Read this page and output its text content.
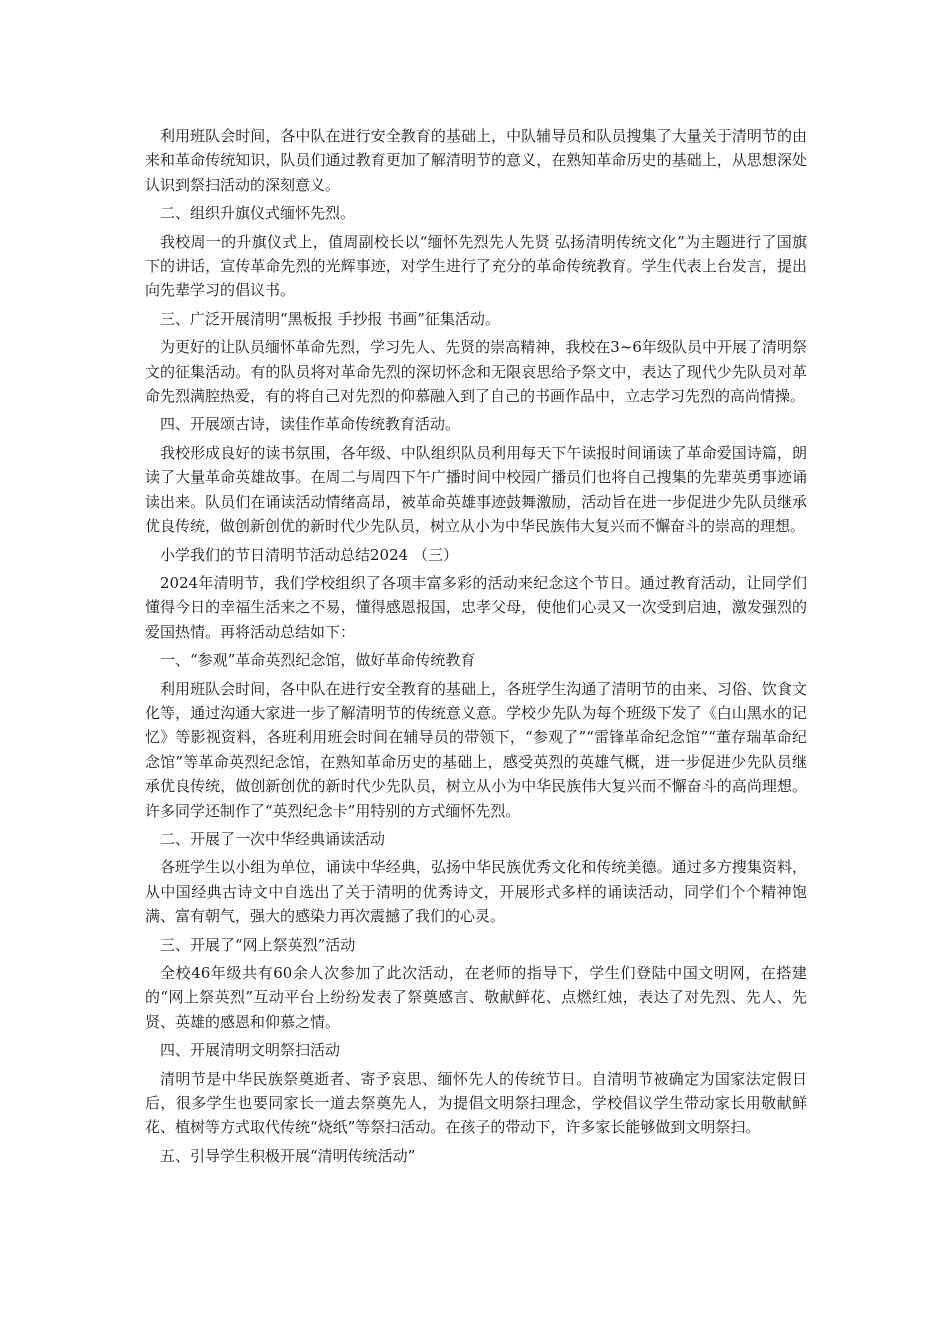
利用班队会时间，各中队在进行安全教育的基础上，中队辅导员和队员搜集了大量关于清明节的由来和革命传统知识，队员们通过教育更加了解清明节的意义，在熟知革命历史的基础上，从思想深处认识到祭扫活动的深刻意义。

二、组织升旗仪式缅怀先烈。

我校周一的升旗仪式上，值周副校长以“缅怀先烈先人先贤 弘扬清明传统文化”为主题进行了国旗下的讲话，宣传革命先烈的光辉事迹，对学生进行了充分的革命传统教育。学生代表上台发言，提出向先辈学习的倡议书。

三、广泛开展清明“黑板报 手抄报 书画”征集活动。

为更好的让队员缅怀革命先烈，学习先人、先贤的崇高精神，我校在3~6年级队员中开展了清明祭文的征集活动。有的队员将对革命先烈的深切怀念和无限哀思给予祭文中，表达了现代少先队员对革命先烈满腔热爱，有的将自己对先烈的仰慕融入到了自己的书画作品中，立志学习先烈的高尚情操。

四、开展颂古诗，读佳作革命传统教育活动。

我校形成良好的读书氛围，各年级、中队组织队员利用每天下午读报时间诵读了革命爱国诗篇，朗读了大量革命英雄故事。在周二与周四下午广播时间中校园广播员们也将自己搜集的先辈英勇事迹诵读出来。队员们在诵读活动情绪高昂，被革命英雄事迹鼓舞激励，活动旨在进一步促进少先队员继承优良传统，做创新创优的新时代少先队员，树立从小为中华民族伟大复兴而不懈奋斗的崇高的理想。

小学我们的节日清明节活动总结2024 （三）

2024年清明节，我们学校组织了各项丰富多彩的活动来纪念这个节日。通过教育活动，让同学们懂得今日的幸福生活来之不易，懂得感恩报国，忠孝父母，使他们心灵又一次受到启迪，激发强烈的爱国热情。再将活动总结如下：

一、“参观”革命英烈纪念馆，做好革命传统教育

利用班队会时间，各中队在进行安全教育的基础上，各班学生沟通了清明节的由来、习俗、饮食文化等，通过沟通大家进一步了解清明节的传统意义意。学校少先队为每个班级下发了《白山黑水的记忆》等影视资料，各班利用班会时间在辅导员的带领下，“参观了”“雷锋革命纪念馆”“董存瑞革命纪念馆”等革命英烈纪念馆，在熟知革命历史的基础上，感受英烈的英雄气概，进一步促进少先队员继承优良传统，做创新创优的新时代少先队员，树立从小为中华民族伟大复兴而不懈奋斗的高尚理想。许多同学还制作了“英烈纪念卡”用特别的方式缅怀先烈。

二、开展了一次中华经典诵读活动

各班学生以小组为单位，诵读中华经典，弘扬中华民族优秀文化和传统美德。通过多方搜集资料，从中国经典古诗文中自选出了关于清明的优秀诗文，开展形式多样的诵读活动，同学们个个精神饱满、富有朝气，强大的感染力再次震撼了我们的心灵。

三、开展了“网上祭英烈”活动

全校46年级共有60余人次参加了此次活动，在老师的指导下，学生们登陆中国文明网，在搭建的“网上祭英烈”互动平台上纷纷发表了祭奠感言、敬献鲜花、点燃红烛，表达了对先烈、先人、先贤、英雄的感恩和仰慕之情。

四、开展清明文明祭扫活动

清明节是中华民族祭奠逝者、寄予哀思、缅怀先人的传统节日。自清明节被确定为国家法定假日后，很多学生也要同家长一道去祭奠先人，为提倡文明祭扫理念，学校倡议学生带动家长用敬献鲜花、植树等方式取代传统“烧纸”等祭扫活动。在孩子的带动下，许多家长能够做到文明祭扫。

五、引导学生积极开展“清明传统活动”
